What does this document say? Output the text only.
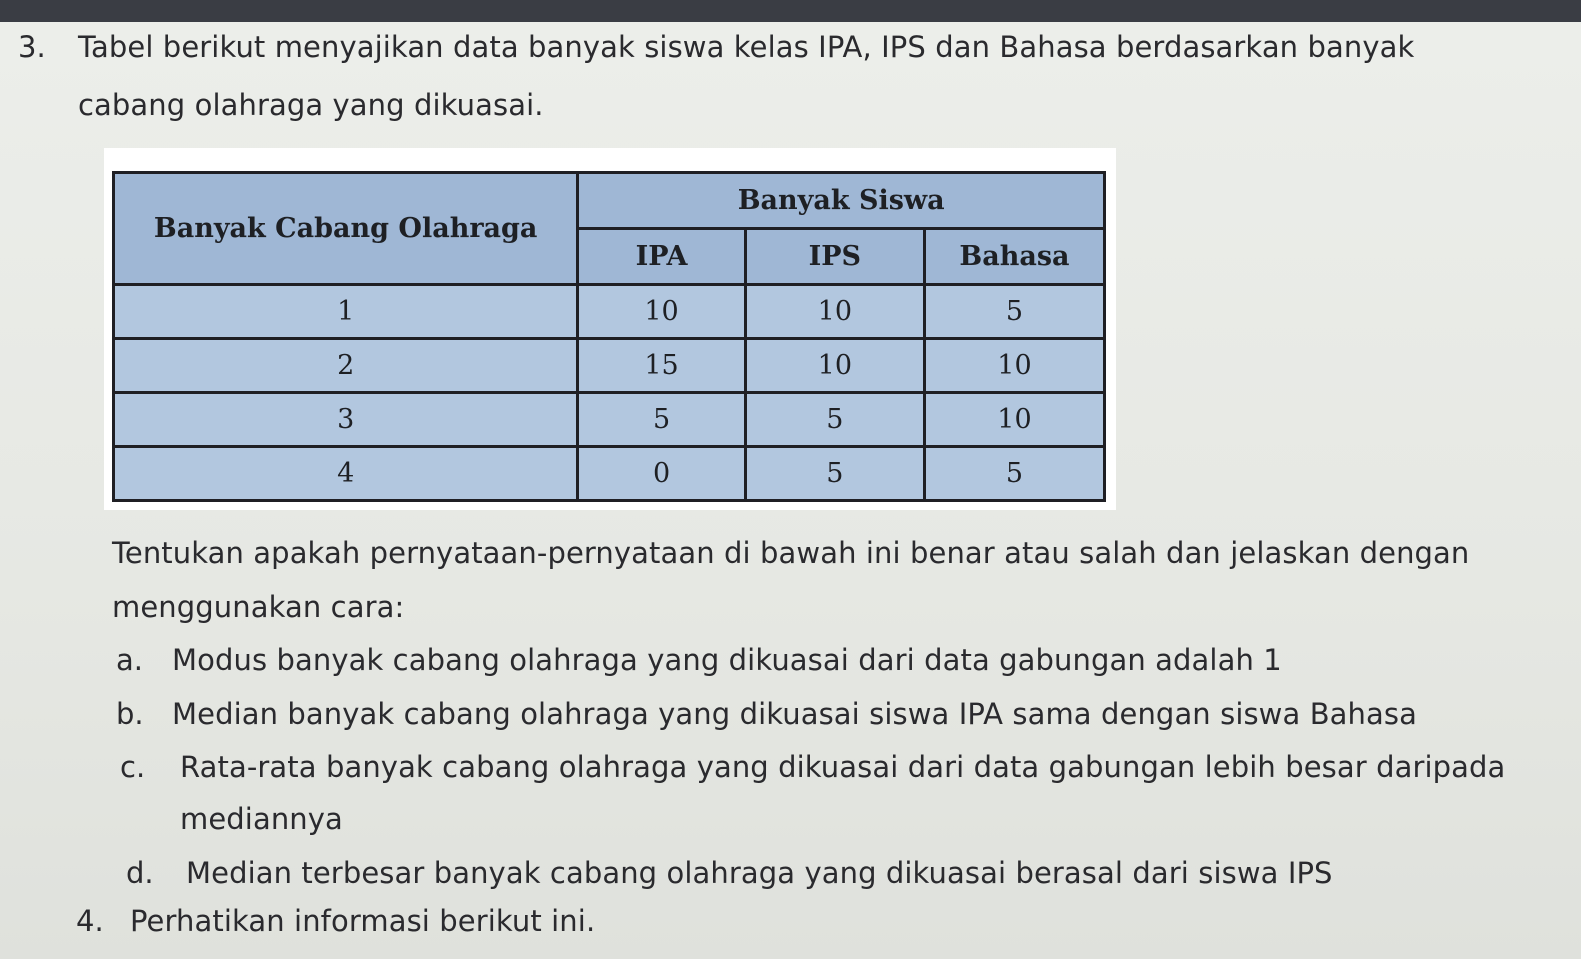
3. Tabel berikut menyajikan data banyak siswa kelas IPA, IPS dan Bahasa berdasarkan banyak
cabang olahraga yang dikuasai.
Banyak Cabang Olahraga	Banyak Siswa		
	IPA	IPS	Bahasa
1	10	10	5
2	15	10	10
3	5	5	10
4	0	5	5
Tentukan apakah pernyataan-pernyataan di bawah ini benar atau salah dan jelaskan dengan
menggunakan cara:
a. Modus banyak cabang olahraga yang dikuasai dari data gabungan adalah 1
b. Median banyak cabang olahraga yang dikuasai siswa IPA sama dengan siswa Bahasa
c. Rata-rata banyak cabang olahraga yang dikuasai dari data gabungan lebih besar daripada
mediannya
d. Median terbesar banyak cabang olahraga yang dikuasai berasal dari siswa IPS
4. Perhatikan informasi berikut ini.
